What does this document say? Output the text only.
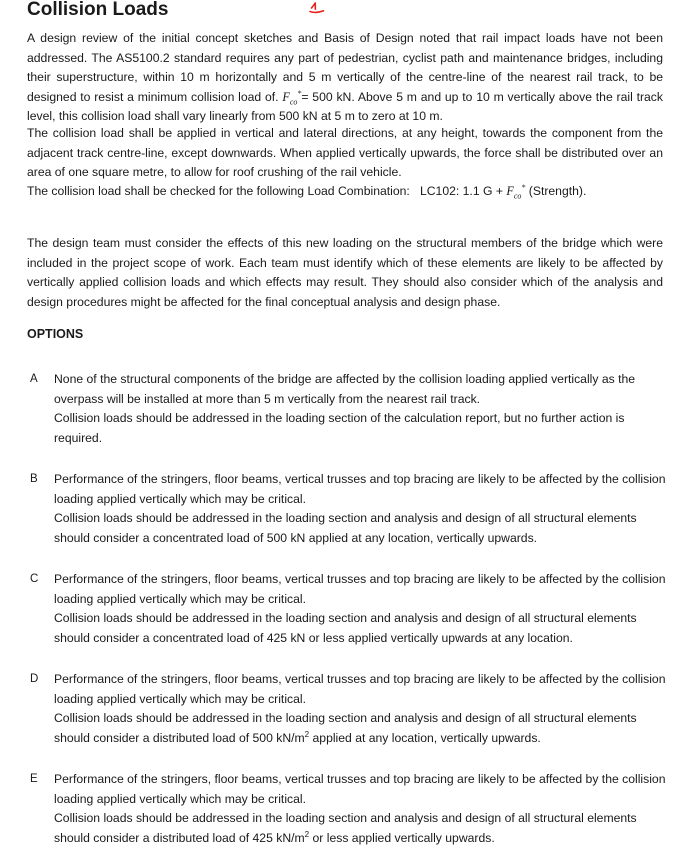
Collision Loads

A design review of the initial concept sketches and Basis of Design noted that rail impact loads have not been addressed. The AS5100.2 standard requires any part of pedestrian, cyclist path and maintenance bridges, including their superstructure, within 10 m horizontally and 5 m vertically of the centre-line of the nearest rail track, to be designed to resist a minimum collision load of. $F_{co}^*= 500$ kN. Above 5 m and up to 10 m vertically above the rail track level, this collision load shall vary linearly from 500 kN at 5 m to zero at 10 m.

The collision load shall be applied in vertical and lateral directions, at any height, towards the component from the adjacent track centre-line, except downwards. When applied vertically upwards, the force shall be distributed over an area of one square metre, to allow for roof crushing of the rail vehicle.

The collision load shall be checked for the following Load Combination: LC102: 1.1 $G + F_{co}^*$ (Strength).

The design team must consider the effects of this new loading on the structural members of the bridge which were included in the project scope of work. Each team must identify which of these elements are likely to be affected by vertically applied collision loads and which effects may result. They should also consider which of the analysis and design procedures might be affected for the final conceptual analysis and design phase.

OPTIONS
A	None of the structural components of the bridge are affected by the collision loading applied vertically as the overpass will be installed at more than 5 m vertically from the nearest rail track.
Collision loads should be addressed in the loading section of the calculation report, but no further action is required.

B	Performance of the stringers, floor beams, vertical trusses and top bracing are likely to be affected by the collision loading applied vertically which may be critical.
Collision loads should be addressed in the loading section and analysis and design of all structural elements should consider a concentrated load of 500 kN applied at any location, vertically upwards.

C	Performance of the stringers, floor beams, vertical trusses and top bracing are likely to be affected by the collision loading applied vertically which may be critical.
Collision loads should be addressed in the loading section and analysis and design of all structural elements should consider a concentrated load of 425 kN or less applied vertically upwards at any location.

D	Performance of the stringers, floor beams, vertical trusses and top bracing are likely to be affected by the collision loading applied vertically which may be critical.
Collision loads should be addressed in the loading section and analysis and design of all structural elements should consider a distributed load of 500 $kN/m^2$ applied at any location, vertically upwards.

E	Performance of the stringers, floor beams, vertical trusses and top bracing are likely to be affected by the collision loading applied vertically which may be critical.
Collision loads should be addressed in the loading section and analysis and design of all structural elements should consider a distributed load of 425 $kN/m^2$ or less applied vertically upwards.
